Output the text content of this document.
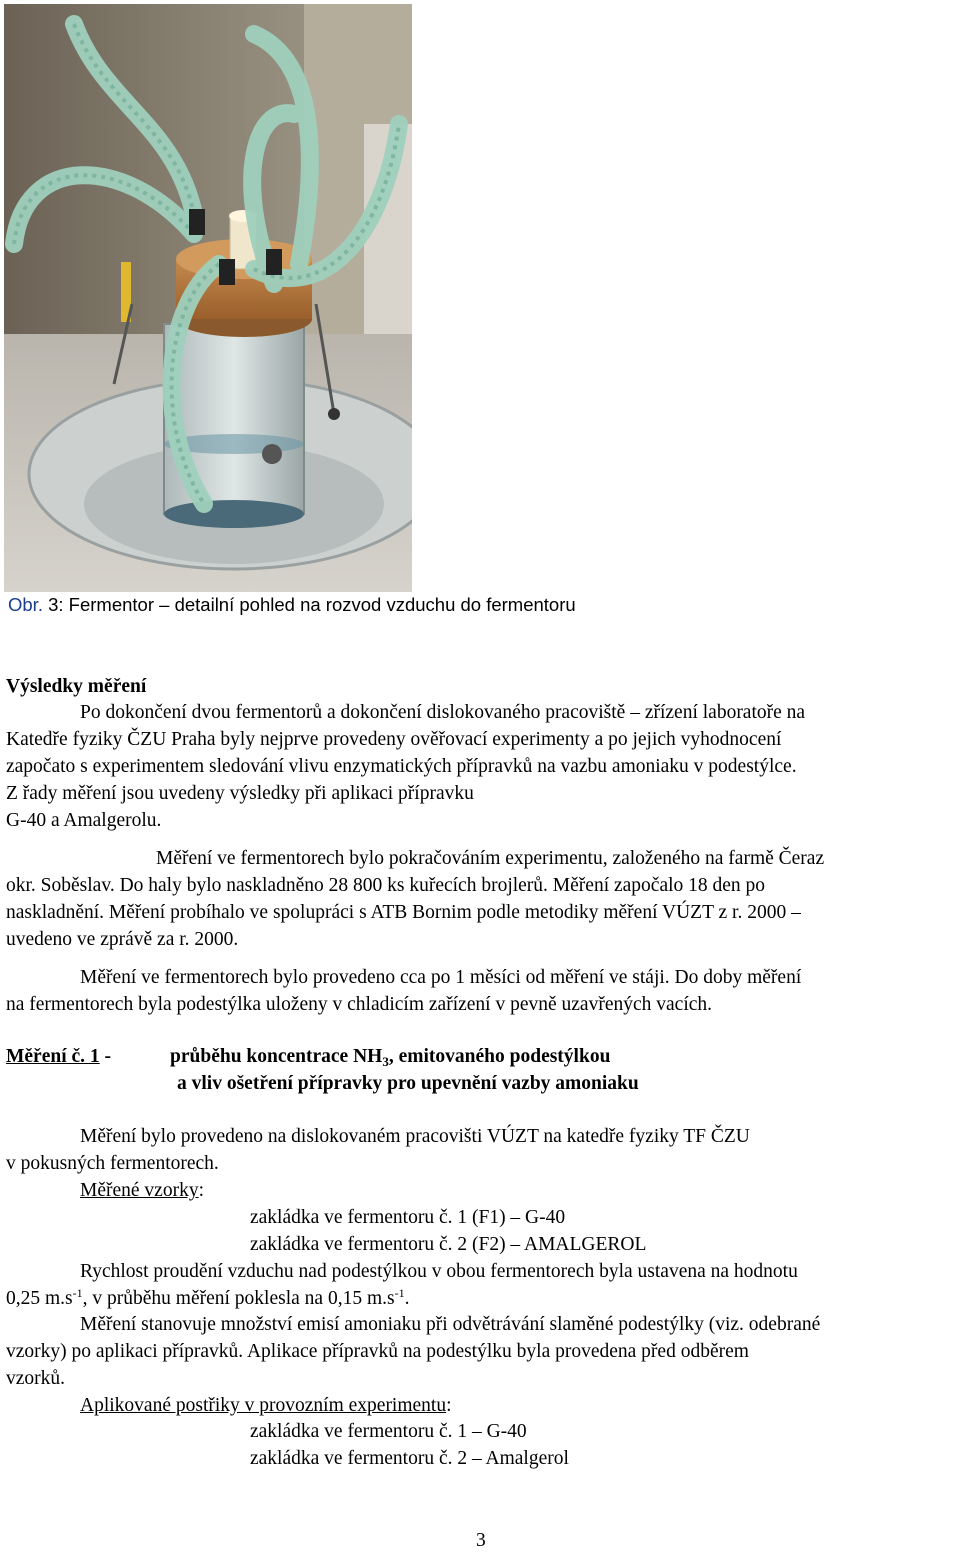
Obr. 3: Fermentor – detailní pohled na rozvod vzduchu do fermentoru
Výsledky měření
Po dokončení dvou fermentorů a dokončení dislokovaného pracoviště – zřízení laboratoře na
Katedře fyziky ČZU Praha byly nejprve provedeny ověřovací experimenty a po jejich vyhodnocení
započato s experimentem sledování vlivu enzymatických přípravků na vazbu amoniaku v podestýlce.
Z řady měření jsou uvedeny výsledky při aplikaci přípravku
G-40 a Amalgerolu.
Měření ve fermentorech bylo pokračováním experimentu, založeného na farmě Čeraz
okr. Soběslav. Do haly bylo naskladněno 28 800 ks kuřecích brojlerů. Měření započalo 18 den po
naskladnění. Měření probíhalo ve spolupráci s ATB Bornim podle metodiky měření VÚZT z r. 2000 –
uvedeno ve zprávě za r. 2000.
Měření ve fermentorech bylo provedeno cca po 1 měsíci od měření ve stáji. Do doby měření
na fermentorech byla podestýlka uloženy v chladicím zařízení v pevně uzavřených vacích.
Měření č. 1 -	průběhu koncentrace $NH_3$, emitovaného podestýlkou
a vliv ošetření přípravky pro upevnění vazby amoniaku
Měření bylo provedeno na dislokovaném pracovišti VÚZT na katedře fyziky TF ČZU
v pokusných fermentorech.
Měřené vzorky:
zakládka ve fermentoru č. 1 (F1) – G-40
zakládka ve fermentoru č. 2 (F2) – AMALGEROL
Rychlost proudění vzduchu nad podestýlkou v obou fermentorech byla ustavena na hodnotu
0,25 $m.s^{-1}$, v průběhu měření poklesla na 0,15 $m.s^{-1}$.
Měření stanovuje množství emisí amoniaku při odvětrávání slaměné podestýlky (viz. odebrané
vzorky) po aplikaci přípravků. Aplikace přípravků na podestýlku byla provedena před odběrem
vzorků.
Aplikované postřiky v provozním experimentu:
zakládka ve fermentoru č. 1 – G-40
zakládka ve fermentoru č. 2 – Amalgerol
3
